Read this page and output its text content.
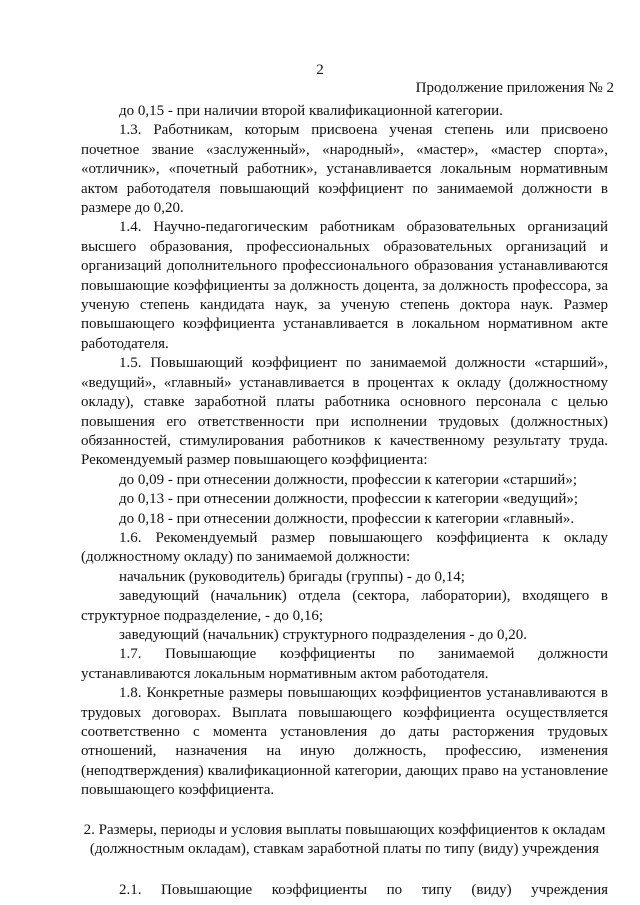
2
Продолжение приложения № 2

до 0,15 - при наличии второй квалификационной категории.

1.3. Работникам, которым присвоена ученая степень или присвоено почетное звание «заслуженный», «народный», «мастер», «мастер спорта», «отличник», «почетный работник», устанавливается локальным нормативным актом работодателя повышающий коэффициент по занимаемой должности в размере до 0,20.

1.4. Научно-педагогическим работникам образовательных организаций высшего образования, профессиональных образовательных организаций и организаций дополнительного профессионального образования устанавливаются повышающие коэффициенты за должность доцента, за должность профессора, за ученую степень кандидата наук, за ученую степень доктора наук. Размер повышающего коэффициента устанавливается в локальном нормативном акте работодателя.

1.5. Повышающий коэффициент по занимаемой должности «старший», «ведущий», «главный» устанавливается в процентах к окладу (должностному окладу), ставке заработной платы работника основного персонала с целью повышения его ответственности при исполнении трудовых (должностных) обязанностей, стимулирования работников к качественному результату труда. Рекомендуемый размер повышающего коэффициента:

до 0,09 - при отнесении должности, профессии к категории «старший»;

до 0,13 - при отнесении должности, профессии к категории «ведущий»;

до 0,18 - при отнесении должности, профессии к категории «главный».

1.6. Рекомендуемый размер повышающего коэффициента к окладу (должностному окладу) по занимаемой должности:

начальник (руководитель) бригады (группы) - до 0,14;

заведующий (начальник) отдела (сектора, лаборатории), входящего в структурное подразделение, - до 0,16;

заведующий (начальник) структурного подразделения - до 0,20.

1.7. Повышающие коэффициенты по занимаемой должности устанавливаются локальным нормативным актом работодателя.

1.8. Конкретные размеры повышающих коэффициентов устанавливаются в трудовых договорах. Выплата повышающего коэффициента осуществляется соответственно с момента установления до даты расторжения трудовых отношений, назначения на иную должность, профессию, изменения (неподтверждения) квалификационной категории, дающих право на установление повышающего коэффициента.

2. Размеры, периоды и условия выплаты повышающих коэффициентов к окладам (должностным окладам), ставкам заработной платы по типу (виду) учреждения

2.1. Повышающие коэффициенты по типу (виду) учреждения
